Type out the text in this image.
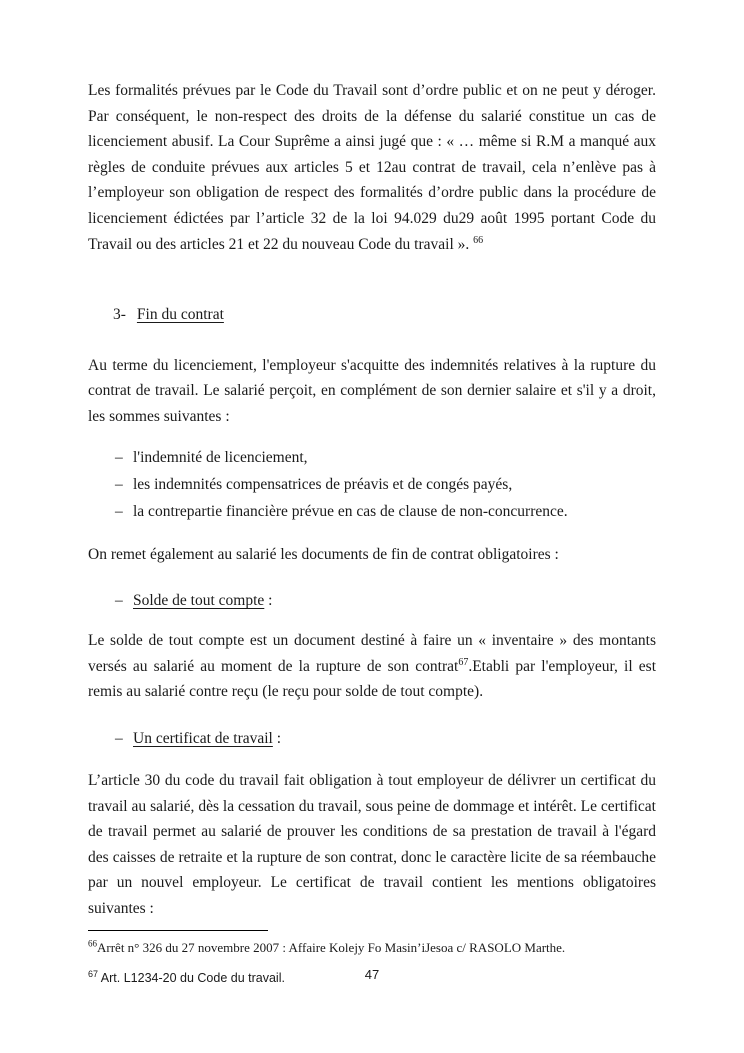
Les formalités prévues par le Code du Travail sont d’ordre public et on ne peut y déroger. Par conséquent, le non-respect des droits de la défense du salarié constitue un cas de licenciement abusif. La Cour Suprême a ainsi jugé que : « … même si R.M a manqué aux règles de conduite prévues aux articles 5 et 12au contrat de travail, cela n’enlève pas à l’employeur son obligation de respect des formalités d’ordre public dans la procédure de licenciement édictées par l’article 32 de la loi 94.029 du29 août 1995 portant Code du Travail ou des articles 21 et 22 du nouveau Code du travail ». $^{66}$

3- Fin du contrat

Au terme du licenciement, l'employeur s'acquitte des indemnités relatives à la rupture du contrat de travail. Le salarié perçoit, en complément de son dernier salaire et s'il y a droit, les sommes suivantes :

– l'indemnité de licenciement,
– les indemnités compensatrices de préavis et de congés payés,
– la contrepartie financière prévue en cas de clause de non-concurrence.

On remet également au salarié les documents de fin de contrat obligatoires :

– Solde de tout compte :

Le solde de tout compte est un document destiné à faire un « inventaire » des montants versés au salarié au moment de la rupture de son contrat$^{67}$.Etabli par l'employeur, il est remis au salarié contre reçu (le reçu pour solde de tout compte).

– Un certificat de travail :

L’article 30 du code du travail fait obligation à tout employeur de délivrer un certificat du travail au salarié, dès la cessation du travail, sous peine de dommage et intérêt. Le certificat de travail permet au salarié de prouver les conditions de sa prestation de travail à l'égard des caisses de retraite et la rupture de son contrat, donc le caractère licite de sa réembauche par un nouvel employeur. Le certificat de travail contient les mentions obligatoires suivantes :

$^{66}$Arrêt n° 326 du 27 novembre 2007 : Affaire Kolejy Fo Masin’iJesoa c/ RASOLO Marthe.

$^{67}$ Art. L1234-20 du Code du travail.	47
